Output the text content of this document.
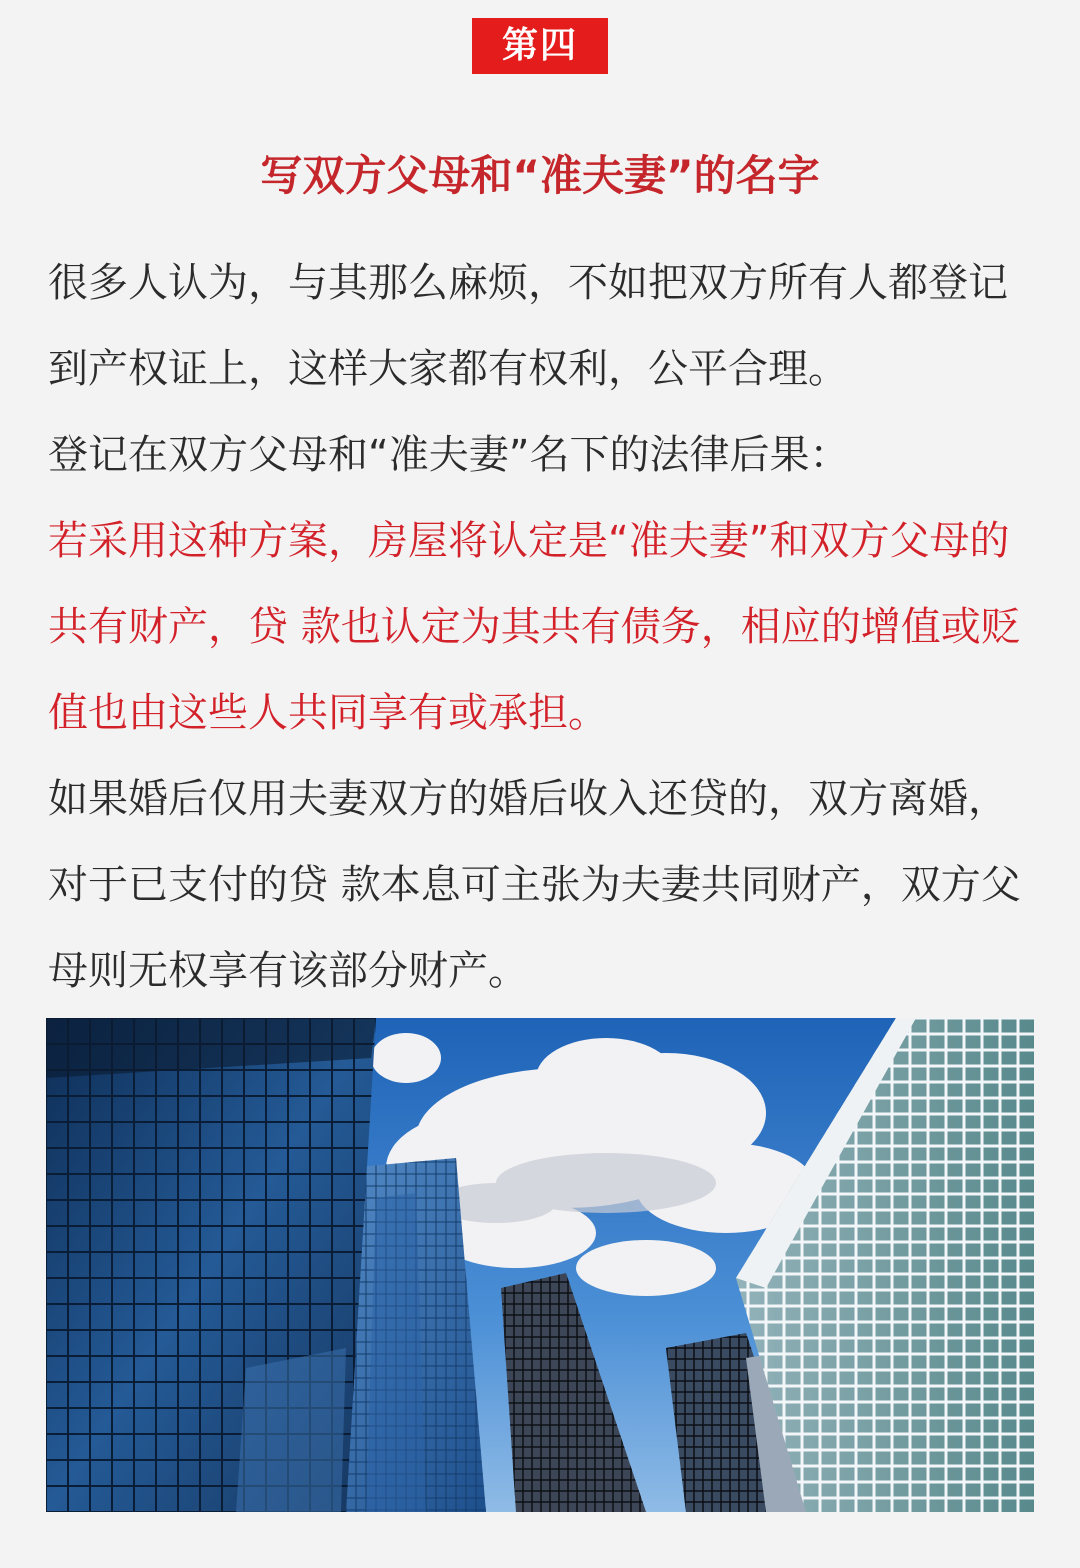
第四
写双方父母和“准夫妻”的名字
很多人认为，与其那么麻烦，不如把双方所有人都登记到产权证上，这样大家都有权利，公平合理。
登记在双方父母和“准夫妻”名下的法律后果：
若采用这种方案，房屋将认定是“准夫妻”和双方父母的共有财产，贷 款也认定为其共有债务，相应的增值或贬值也由这些人共同享有或承担。
如果婚后仅用夫妻双方的婚后收入还贷的，双方离婚，对于已支付的贷 款本息可主张为夫妻共同财产，双方父母则无权享有该部分财产。
